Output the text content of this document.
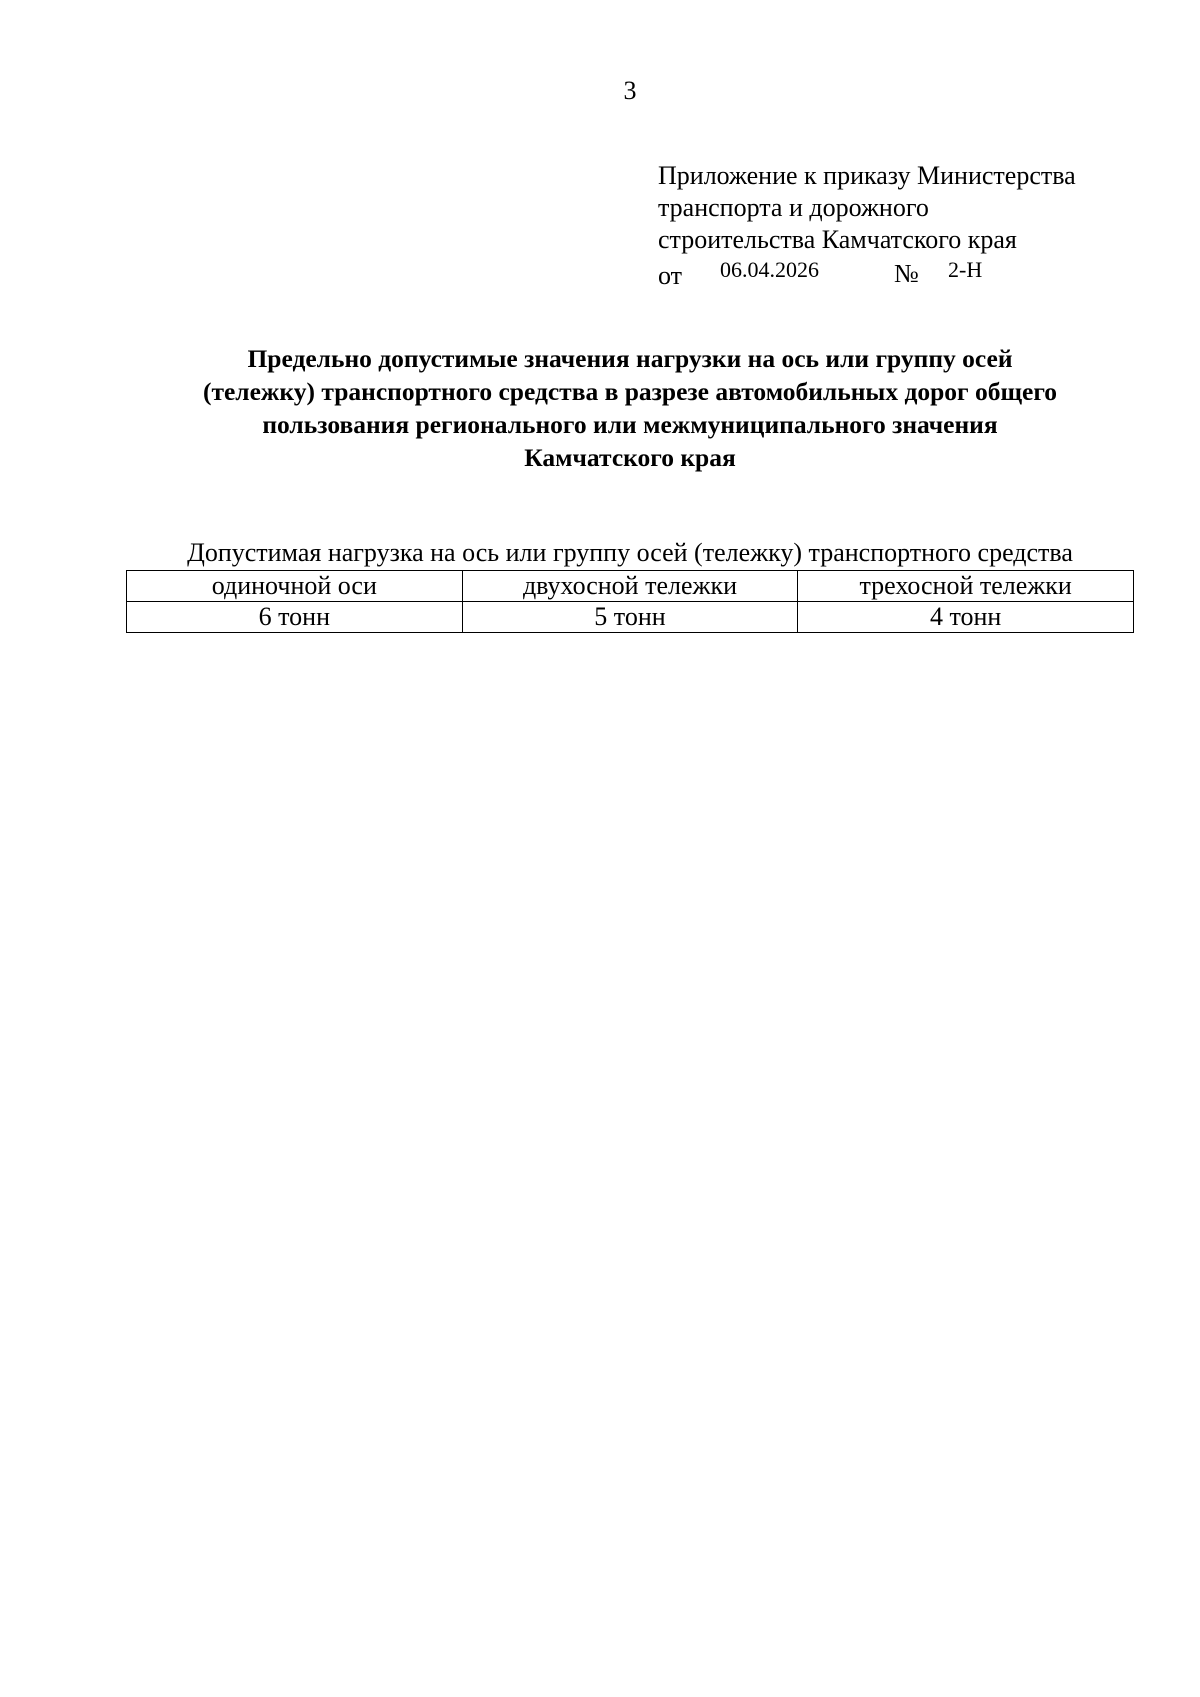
3
Приложение к приказу Министерства
транспорта и дорожного
строительства Камчатского края
от 06.04.2026	№ 2-Н
Предельно допустимые значения нагрузки на ось или группу осей
(тележку) транспортного средства в разрезе автомобильных дорог общего
пользования регионального или межмуниципального значения
Камчатского края
Допустимая нагрузка на ось или группу осей (тележку) транспортного средства
одиночной оси	двухосной тележки	трехосной тележки
6 тонн	5 тонн	4 тонн
